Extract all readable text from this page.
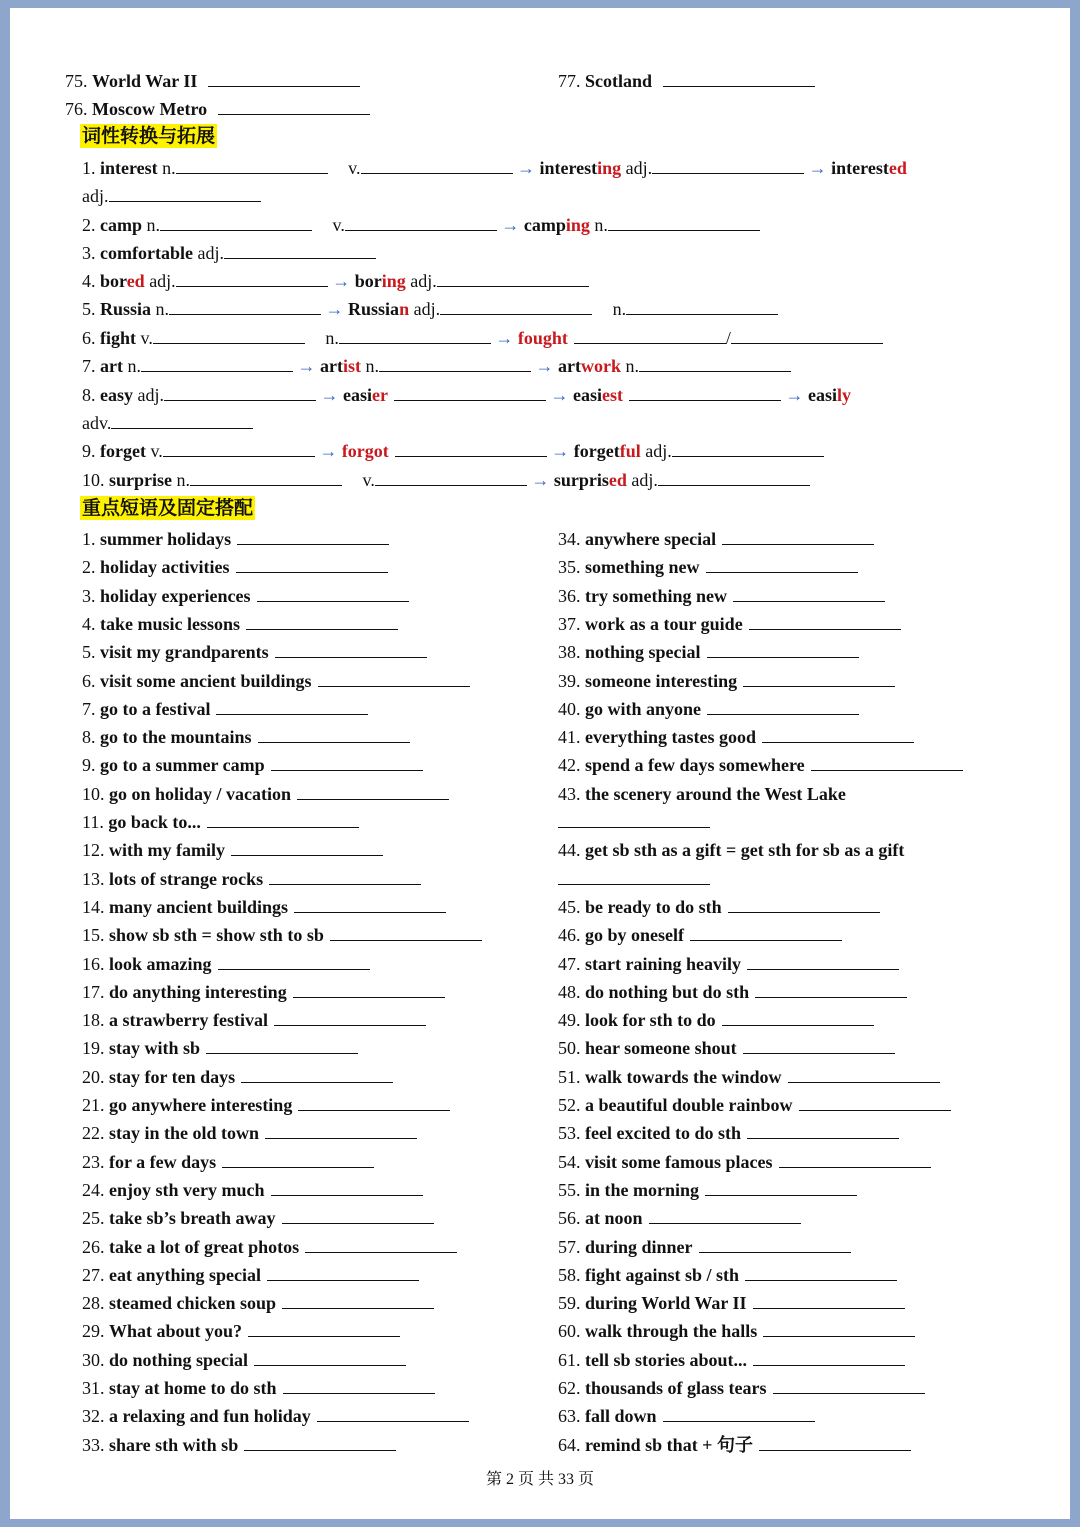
75. World War II
76. Moscow Metro
77. Scotland
词性转换与拓展
1. interest n.	v.	→ interesting adj.	→ interested
adj.
2. camp n.	v.	→ camping n.
3. comfortable adj.
4. bored adj.	→ boring adj.
5. Russia n.	→ Russian adj.	n.
6. fight v.	n.	→ fought	/
7. art n.	→ artist n.	→ artwork n.
8. easy adj.	→ easier	→ easiest	→ easily
adv.
9. forget v.	→ forgot	→ forgetful adj.
10. surprise n.	v.	→ surprised adj.
重点短语及固定搭配
第 2 页 共 33 页
1. summer holidays
2. holiday activities
3. holiday experiences
4. take music lessons
5. visit my grandparents
6. visit some ancient buildings
7. go to a festival
8. go to the mountains
9. go to a summer camp
10. go on holiday / vacation
11. go back to...
12. with my family
13. lots of strange rocks
14. many ancient buildings
15. show sb sth = show sth to sb
16. look amazing
17. do anything interesting
18. a strawberry festival
19. stay with sb
20. stay for ten days
21. go anywhere interesting
22. stay in the old town
23. for a few days
24. enjoy sth very much
25. take sb’s breath away
26. take a lot of great photos
27. eat anything special
28. steamed chicken soup
29. What about you?
30. do nothing special
31. stay at home to do sth
32. a relaxing and fun holiday
33. share sth with sb
34. anywhere special
35. something new
36. try something new
37. work as a tour guide
38. nothing special
39. someone interesting
40. go with anyone
41. everything tastes good
42. spend a few days somewhere
43. the scenery around the West Lake
44. get sb sth as a gift = get sth for sb as a gift
45. be ready to do sth
46. go by oneself
47. start raining heavily
48. do nothing but do sth
49. look for sth to do
50. hear someone shout
51. walk towards the window
52. a beautiful double rainbow
53. feel excited to do sth
54. visit some famous places
55. in the morning
56. at noon
57. during dinner
58. fight against sb / sth
59. during World War II
60. walk through the halls
61. tell sb stories about...
62. thousands of glass tears
63. fall down
64. remind sb that + 句子
